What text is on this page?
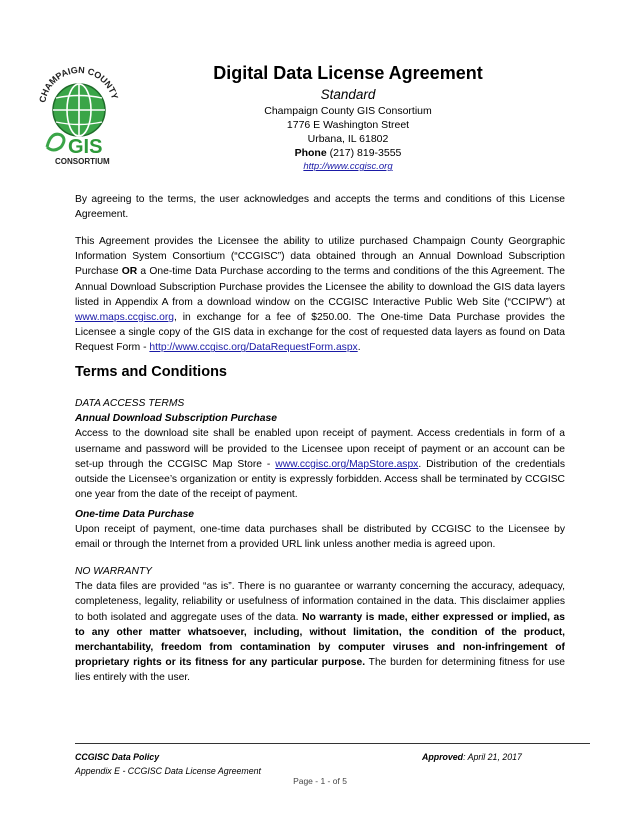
CHAMPAIGN COUNTY
GIS
CONSORTIUM
Digital Data License Agreement
Standard
Champaign County GIS Consortium
1776 E Washington Street
Urbana, IL 61802
Phone (217) 819-3555
http://www.ccgisc.org
By agreeing to the terms, the user acknowledges and accepts the terms and conditions of this License Agreement.
This Agreement provides the Licensee the ability to utilize purchased Champaign County Georgraphic Information System Consortium (“CCGISC”) data obtained through an Annual Download Subscription Purchase OR a One-time Data Purchase according to the terms and conditions of the this Agreement. The Annual Download Subscription Purchase provides the Licensee the ability to download the GIS data layers listed in Appendix A from a download window on the CCGISC Interactive Public Web Site (“CCIPW”) at www.maps.ccgisc.org, in exchange for a fee of $250.00. The One-time Data Purchase provides the Licensee a single copy of the GIS data in exchange for the cost of requested data layers as found on Data Request Form - http://www.ccgisc.org/DataRequestForm.aspx.
Terms and Conditions
DATA ACCESS TERMS
Annual Download Subscription Purchase
Access to the download site shall be enabled upon receipt of payment. Access credentials in form of a username and password will be provided to the Licensee upon receipt of payment or an account can be set-up through the CCGISC Map Store - www.ccgisc.org/MapStore.aspx. Distribution of the credentials outside the Licensee’s organization or entity is expressly forbidden. Access shall be terminated by CCGISC one year from the date of the receipt of payment.
One-time Data Purchase
Upon receipt of payment, one-time data purchases shall be distributed by CCGISC to the Licensee by email or through the Internet from a provided URL link unless another media is agreed upon.
NO WARRANTY
The data files are provided “as is”. There is no guarantee or warranty concerning the accuracy, adequacy, completeness, legality, reliability or usefulness of information contained in the data. This disclaimer applies to both isolated and aggregate uses of the data. No warranty is made, either expressed or implied, as to any other matter whatsoever, including, without limitation, the condition of the product, merchantability, freedom from contamination by computer viruses and non-infringement of proprietary rights or its fitness for any particular purpose. The burden for determining fitness for use lies entirely with the user.
CCGISC Data Policy
Appendix E - CCGISC Data License Agreement
Approved: April 21, 2017
Page - 1 - of 5
